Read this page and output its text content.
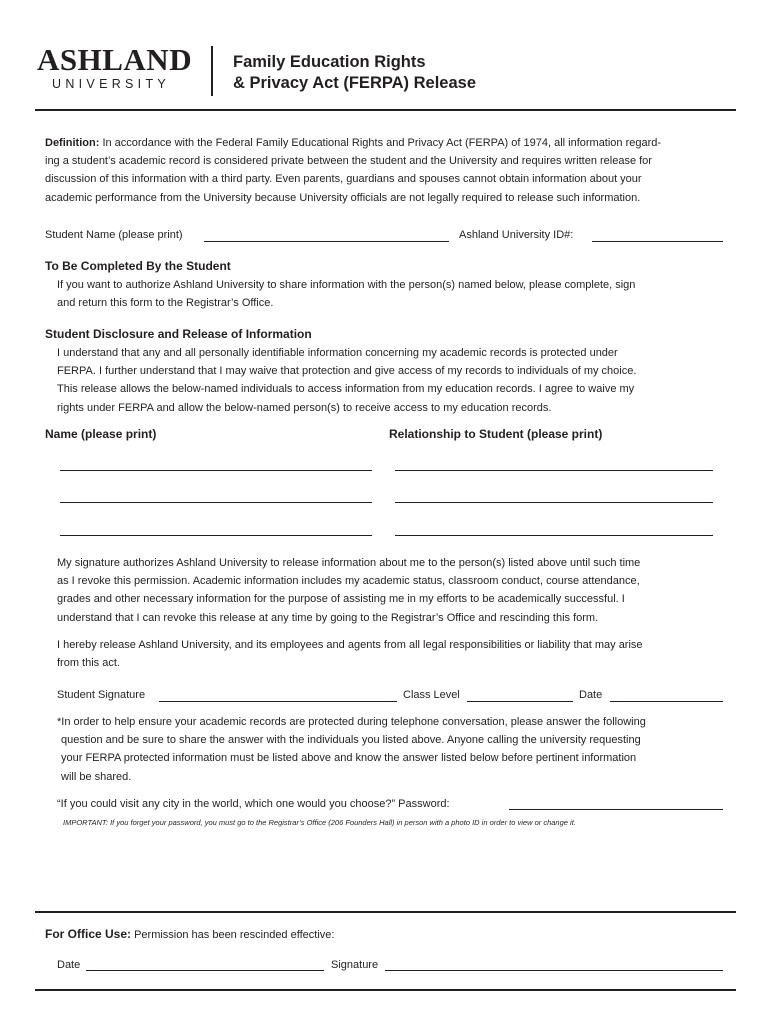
ASHLAND
UNIVERSITY
Family Education Rights
& Privacy Act (FERPA) Release
Definition: In accordance with the Federal Family Educational Rights and Privacy Act (FERPA) of 1974, all information regard-
ing a student’s academic record is considered private between the student and the University and requires written release for
discussion of this information with a third party. Even parents, guardians and spouses cannot obtain information about your
academic performance from the University because University officials are not legally required to release such information.
Student Name (please print)	Ashland University ID#:
To Be Completed By the Student
If you want to authorize Ashland University to share information with the person(s) named below, please complete, sign
and return this form to the Registrar’s Office.
Student Disclosure and Release of Information
I understand that any and all personally identifiable information concerning my academic records is protected under
FERPA. I further understand that I may waive that protection and give access of my records to individuals of my choice.
This release allows the below-named individuals to access information from my education records. I agree to waive my
rights under FERPA and allow the below-named person(s) to receive access to my education records.
Name (please print)	Relationship to Student (please print)
My signature authorizes Ashland University to release information about me to the person(s) listed above until such time
as I revoke this permission. Academic information includes my academic status, classroom conduct, course attendance,
grades and other necessary information for the purpose of assisting me in my efforts to be academically successful. I
understand that I can revoke this release at any time by going to the Registrar’s Office and rescinding this form.
I hereby release Ashland University, and its employees and agents from all legal responsibilities or liability that may arise
from this act.
Student Signature	Class Level	Date
*In order to help ensure your academic records are protected during telephone conversation, please answer the following
question and be sure to share the answer with the individuals you listed above. Anyone calling the university requesting
your FERPA protected information must be listed above and know the answer listed below before pertinent information
will be shared.
“If you could visit any city in the world, which one would you choose?” Password:
IMPORTANT: If you forget your password, you must go to the Registrar’s Office (206 Founders Hall) in person with a photo ID in order to view or change it.
For Office Use: Permission has been rescinded effective:
Date	Signature
